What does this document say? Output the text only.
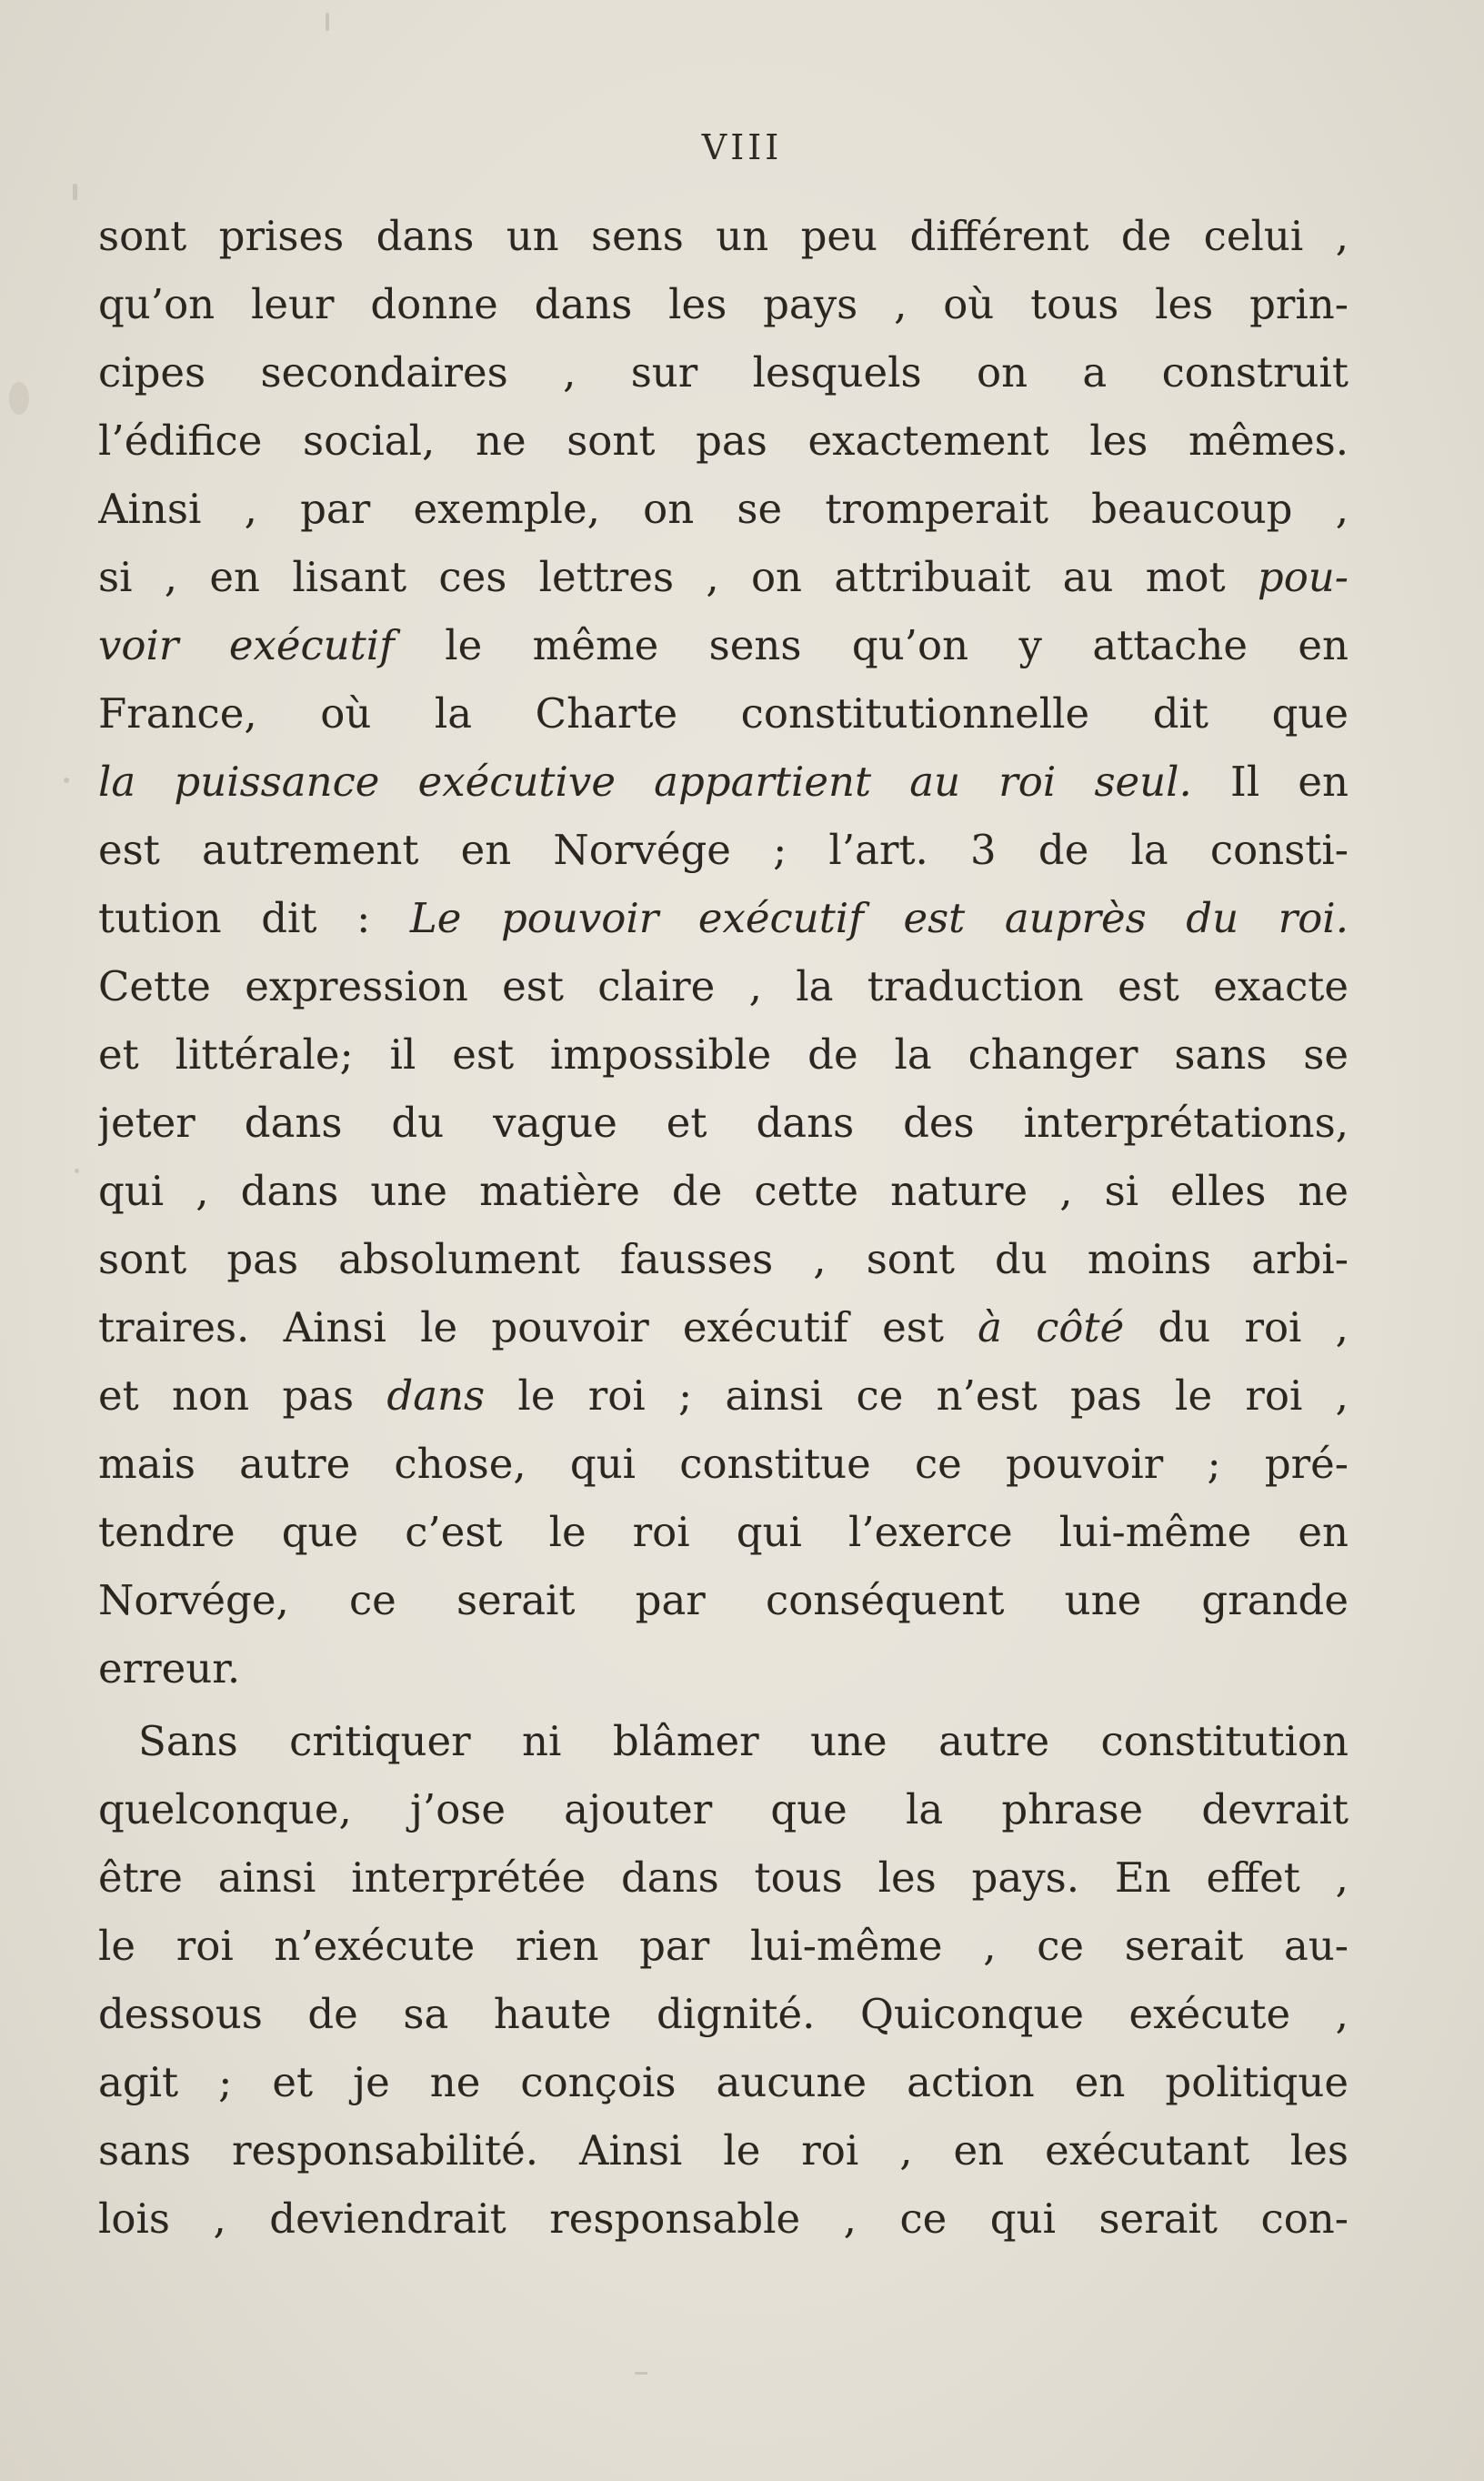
VIII
sont prises dans un sens un peu différent de celui ,
qu’on leur donne dans les pays , où tous les prin-
cipes secondaires , sur lesquels on a construit
l’édifice social, ne sont pas exactement les mêmes.
Ainsi , par exemple, on se tromperait beaucoup ,
si , en lisant ces lettres , on attribuait au mot pou-
voir exécutif le même sens qu’on y attache en
France, où la Charte constitutionnelle dit que
la puissance exécutive appartient au roi seul. Il en
est autrement en Norvége ; l’art. 3 de la consti-
tution dit : Le pouvoir exécutif est auprès du roi.
Cette expression est claire , la traduction est exacte
et littérale; il est impossible de la changer sans se
jeter dans du vague et dans des interprétations,
qui , dans une matière de cette nature , si elles ne
sont pas absolument fausses , sont du moins arbi-
traires. Ainsi le pouvoir exécutif est à côté du roi ,
et non pas dans le roi ; ainsi ce n’est pas le roi ,
mais autre chose, qui constitue ce pouvoir ; pré-
tendre que c’est le roi qui l’exerce lui-même en
Norvége, ce serait par conséquent une grande
erreur.
Sans critiquer ni blâmer une autre constitution
quelconque, j’ose ajouter que la phrase devrait
être ainsi interprétée dans tous les pays. En effet ,
le roi n’exécute rien par lui-même , ce serait au-
dessous de sa haute dignité. Quiconque exécute ,
agit ; et je ne conçois aucune action en politique
sans responsabilité. Ainsi le roi , en exécutant les
lois , deviendrait responsable , ce qui serait con-
